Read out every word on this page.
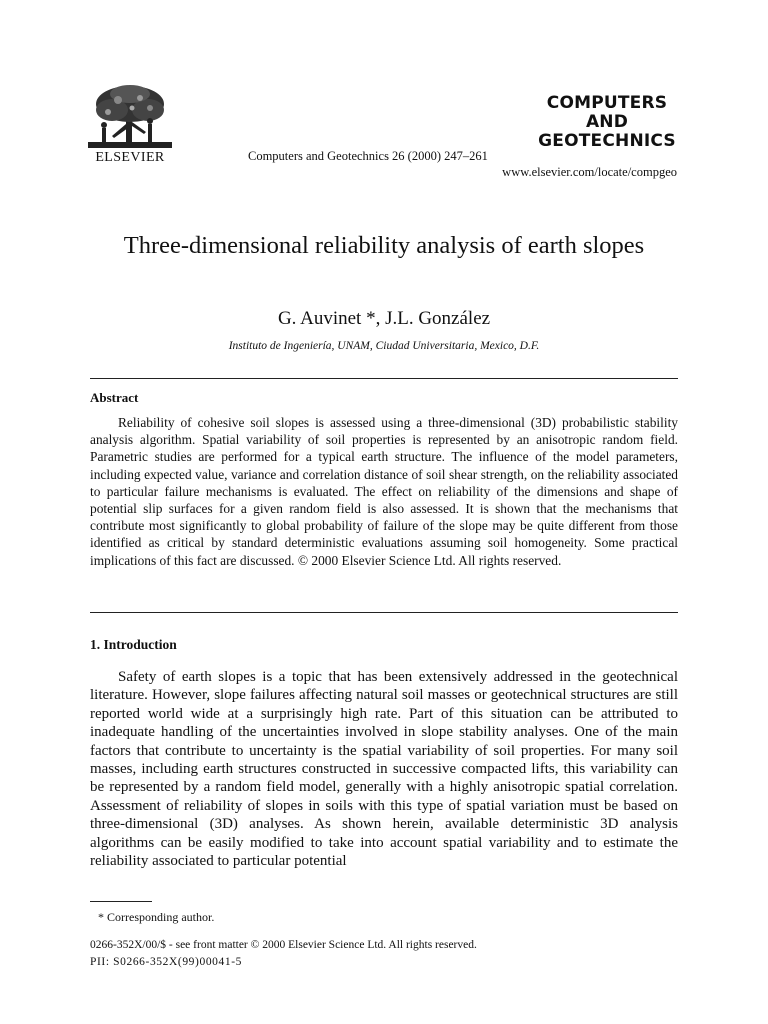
ELSEVIER	Computers and Geotechnics 26 (2000) 247–261
www.elsevier.com/locate/compgeo
COMPUTERS
AND
GEOTECHNICS
Three-dimensional reliability analysis of earth slopes
G. Auvinet *, J.L. González
Instituto de Ingeniería, UNAM, Ciudad Universitaria, Mexico, D.F.
Abstract

Reliability of cohesive soil slopes is assessed using a three-dimensional (3D) probabilistic stability analysis algorithm. Spatial variability of soil properties is represented by an anisotropic random field. Parametric studies are performed for a typical earth structure. The influence of the model parameters, including expected value, variance and correlation distance of soil shear strength, on the reliability associated to particular failure mechanisms is evaluated. The effect on reliability of the dimensions and shape of potential slip surfaces for a given random field is also assessed. It is shown that the mechanisms that contribute most significantly to global probability of failure of the slope may be quite different from those identified as critical by standard deterministic evaluations assuming soil homogeneity. Some practical implications of this fact are discussed. © 2000 Elsevier Science Ltd. All rights reserved.

1. Introduction

Safety of earth slopes is a topic that has been extensively addressed in the geotechnical literature. However, slope failures affecting natural soil masses or geotechnical structures are still reported world wide at a surprisingly high rate. Part of this situation can be attributed to inadequate handling of the uncertainties involved in slope stability analyses. One of the main factors that contribute to uncertainty is the spatial variability of soil properties. For many soil masses, including earth structures constructed in successive compacted lifts, this variability can be represented by a random field model, generally with a highly anisotropic spatial correlation. Assessment of reliability of slopes in soils with this type of spatial variation must be based on three-dimensional (3D) analyses. As shown herein, available deterministic 3D analysis algorithms can be easily modified to take into account spatial variability and to estimate the reliability associated to particular potential

* Corresponding author.
0266-352X/00/$ - see front matter © 2000 Elsevier Science Ltd. All rights reserved.
PII: S0266-352X(99)00041-5
